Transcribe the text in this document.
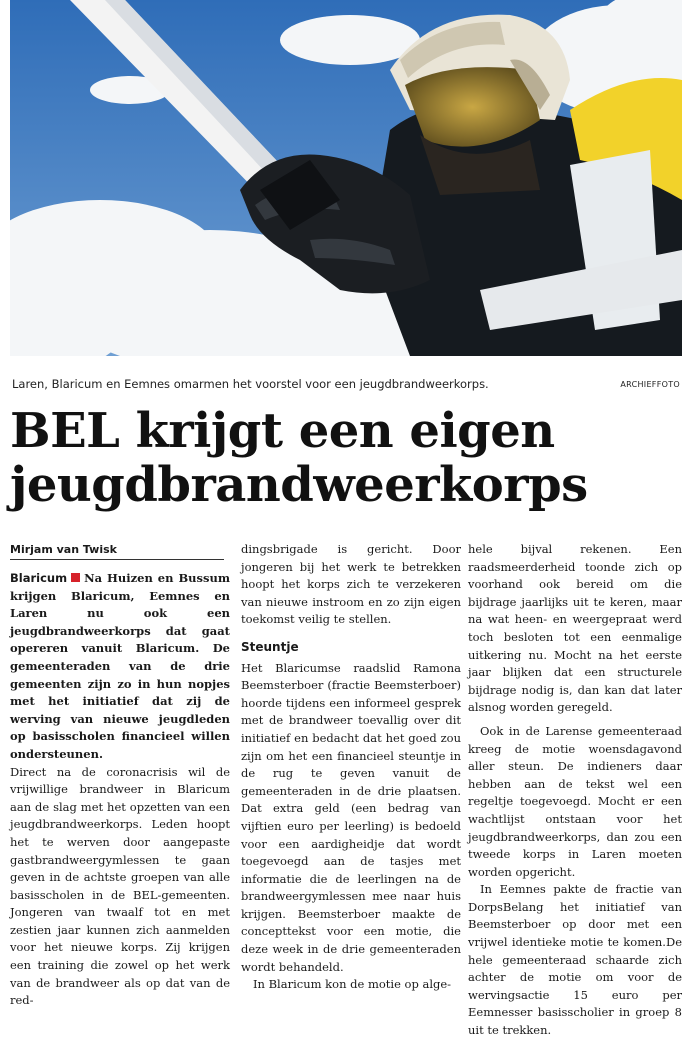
Laren, Blaricum en Eemnes omarmen het voorstel voor een jeugdbrandweerkorps.	ARCHIEFFOTO
BEL krijgt een eigen jeugdbrandweerkorps
Mirjam van Twisk

Blaricum Na Huizen en Bussum krijgen Blaricum, Eemnes en Laren nu ook een jeugdbrandweerkorps dat gaat opereren vanuit Blaricum. De gemeenteraden van de drie gemeenten zijn zo in hun nopjes met het initiatief dat zij de werving van nieuwe jeugdleden op basisscholen financieel willen ondersteunen.

Direct na de coronacrisis wil de vrijwillige brandweer in Blaricum aan de slag met het opzetten van een jeugdbrandweerkorps. Leden hoopt het te werven door aangepaste gastbrandweergymlessen te gaan geven in de achtste groepen van alle basisscholen in de BEL-gemeenten. Jongeren van twaalf tot en met zestien jaar kunnen zich aanmelden voor het nieuwe korps. Zij krijgen een training die zowel op het werk van de brandweer als op dat van de red-

dingsbrigade is gericht. Door jongeren bij het werk te betrekken hoopt het korps zich te verzekeren van nieuwe instroom en zo zijn eigen toekomst veilig te stellen.

Steuntje

Het Blaricumse raadslid Ramona Beemsterboer (fractie Beemsterboer) hoorde tijdens een informeel gesprek met de brandweer toevallig over dit initiatief en bedacht dat het goed zou zijn om het een financieel steuntje in de rug te geven vanuit de gemeenteraden in de drie plaatsen. Dat extra geld (een bedrag van vijftien euro per leerling) is bedoeld voor een aardigheidje dat wordt toegevoegd aan de tasjes met informatie die de leerlingen na de brandweergymlessen mee naar huis krijgen. Beemsterboer maakte de concepttekst voor een motie, die deze week in de drie gemeenteraden wordt behandeld.

In Blaricum kon de motie op alge-

hele bijval rekenen. Een raadsmeerderheid toonde zich op voorhand ook bereid om die bijdrage jaarlijks uit te keren, maar na wat heen- en weergepraat werd toch besloten tot een eenmalige uitkering nu. Mocht na het eerste jaar blijken dat een structurele bijdrage nodig is, dan kan dat later alsnog worden geregeld.

Ook in de Larense gemeenteraad kreeg de motie woensdagavond aller steun. De indieners daar hebben aan de tekst wel een regeltje toegevoegd. Mocht er een wachtlijst ontstaan voor het jeugdbrandweerkorps, dan zou een tweede korps in Laren moeten worden opgericht.

In Eemnes pakte de fractie van DorpsBelang het initiatief van Beemsterboer op door met een vrijwel identieke motie te komen.De hele gemeenteraad schaarde zich achter de motie om voor de wervingsactie 15 euro per Eemnesser basisscholier in groep 8 uit te trekken.
